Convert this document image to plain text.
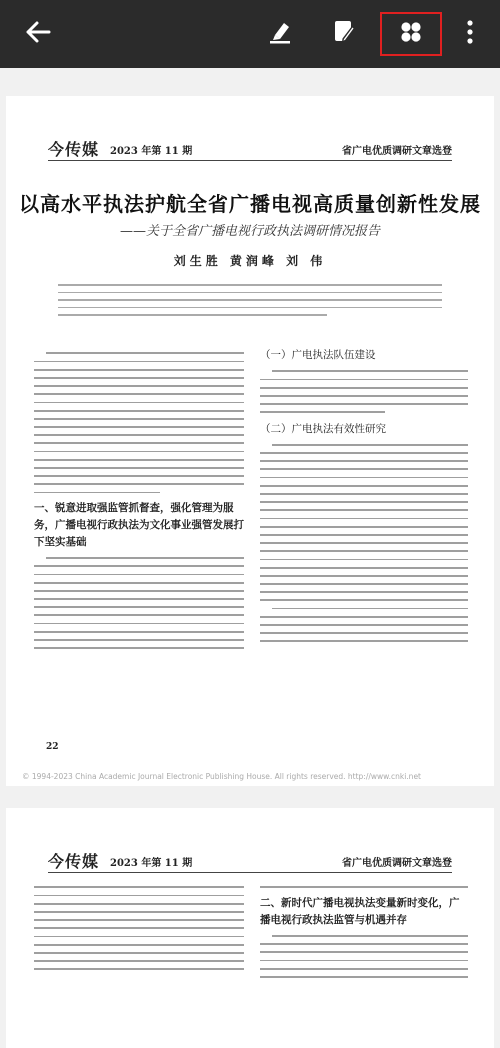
今传媒 2023 年第 11 期	省广电优质调研文章选登
以高水平执法护航全省广播电视高质量创新性发展
——关于全省广播电视行政执法调研情况报告
刘生胜 黄润峰 刘 伟
一、锐意进取强监管抓督查，强化管理为服务，广播电视行政执法为文化事业强管发展打下坚实基础
（一）广电执法队伍建设
（二）广电执法有效性研究
22
© 1994-2023 China Academic Journal Electronic Publishing House. All rights reserved. http://www.cnki.net
今传媒 2023 年第 11 期	省广电优质调研文章选登
二、新时代广播电视执法变量新时变化，广播电视行政执法监管与机遇并存
